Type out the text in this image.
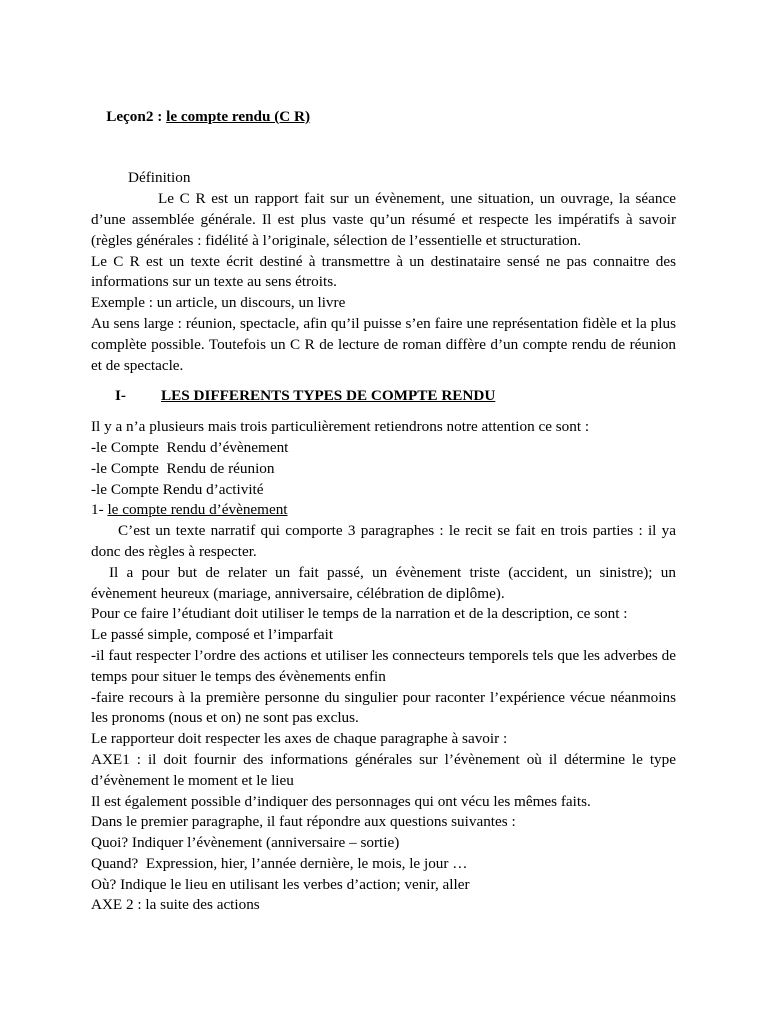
Leçon2 : le compte rendu (C R)

Définition

Le C R est un rapport fait sur un évènement, une situation, un ouvrage, la séance d’une assemblée générale. Il est plus vaste qu’un résumé et respecte les impératifs à savoir (règles générales : fidélité à l’originale, sélection de l’essentielle et structuration.

Le C R est un texte écrit destiné à transmettre à un destinataire sensé ne pas connaitre des informations sur un texte au sens étroits.

Exemple : un article, un discours, un livre

Au sens large : réunion, spectacle, afin qu’il puisse s’en faire une représentation fidèle et la plus complète possible. Toutefois un C R de lecture de roman diffère d’un compte rendu de réunion et de spectacle.

I-	LES DIFFERENTS TYPES DE COMPTE RENDU

Il y a n’a plusieurs mais trois particulièrement retiendrons notre attention ce sont :

-le Compte  Rendu d’évènement

-le Compte  Rendu de réunion

-le Compte Rendu d’activité

1- le compte rendu d’évènement

C’est un texte narratif qui comporte 3 paragraphes : le recit se fait en trois parties : il ya donc des règles à respecter.

Il a pour but de relater un fait passé, un évènement triste (accident, un sinistre); un évènement heureux (mariage, anniversaire, célébration de diplôme).

Pour ce faire l’étudiant doit utiliser le temps de la narration et de la description, ce sont :

Le passé simple, composé et l’imparfait

-il faut respecter l’ordre des actions et utiliser les connecteurs temporels tels que les adverbes de temps pour situer le temps des évènements enfin

-faire recours à la première personne du singulier pour raconter l’expérience vécue néanmoins les pronoms (nous et on) ne sont pas exclus.

Le rapporteur doit respecter les axes de chaque paragraphe à savoir :

AXE1 : il doit fournir des informations générales sur l’évènement où il détermine le type d’évènement le moment et le lieu

Il est également possible d’indiquer des personnages qui ont vécu les mêmes faits.

Dans le premier paragraphe, il faut répondre aux questions suivantes :

Quoi? Indiquer l’évènement (anniversaire – sortie)

Quand?  Expression, hier, l’année dernière, le mois, le jour …

Où? Indique le lieu en utilisant les verbes d’action; venir, aller

AXE 2 : la suite des actions
